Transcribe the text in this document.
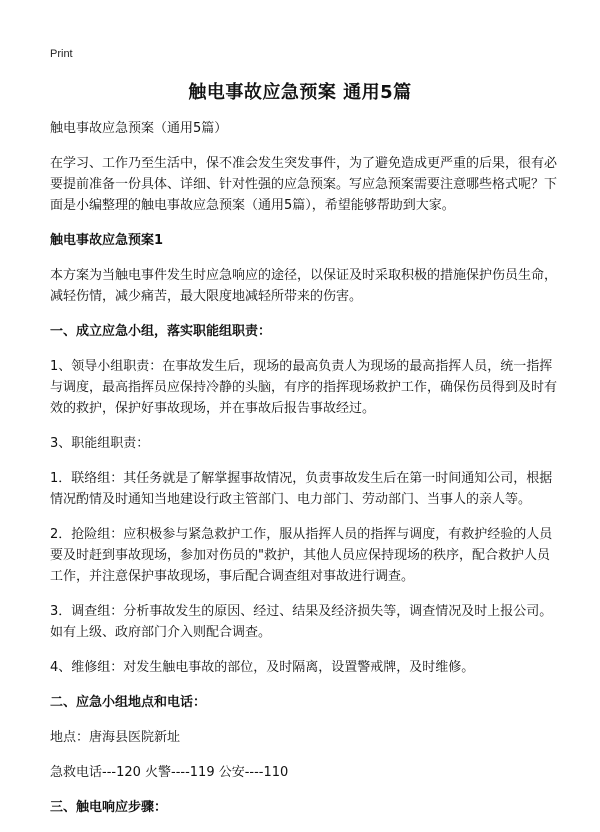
Print
触电事故应急预案 通用5篇

触电事故应急预案（通用5篇）

在学习、工作乃至生活中，保不准会发生突发事件，为了避免造成更严重的后果，很有必要提前准备一份具体、详细、针对性强的应急预案。写应急预案需要注意哪些格式呢？下面是小编整理的触电事故应急预案（通用5篇），希望能够帮助到大家。

触电事故应急预案1

本方案为当触电事件发生时应急响应的途径，以保证及时采取积极的措施保护伤员生命，减轻伤情，减少痛苦，最大限度地减轻所带来的伤害。

一、成立应急小组，落实职能组职责：

1、领导小组职责：在事故发生后，现场的最高负责人为现场的最高指挥人员，统一指挥与调度，最高指挥员应保持冷静的头脑，有序的指挥现场救护工作，确保伤员得到及时有效的救护，保护好事故现场，并在事故后报告事故经过。

3、职能组职责：

1．联络组：其任务就是了解掌握事故情况，负责事故发生后在第一时间通知公司，根据情况酌情及时通知当地建设行政主管部门、电力部门、劳动部门、当事人的亲人等。

2．抢险组：应积极参与紧急救护工作，服从指挥人员的指挥与调度，有救护经验的人员要及时赶到事故现场，参加对伤员的"救护，其他人员应保持现场的秩序，配合救护人员工作，并注意保护事故现场，事后配合调查组对事故进行调查。

3．调查组：分析事故发生的原因、经过、结果及经济损失等，调查情况及时上报公司。如有上级、政府部门介入则配合调查。

4、维修组：对发生触电事故的部位，及时隔离，设置警戒牌，及时维修。

二、应急小组地点和电话：

地点：唐海县医院新址

急救电话---120 火警----119 公安----110

三、触电响应步骤：
